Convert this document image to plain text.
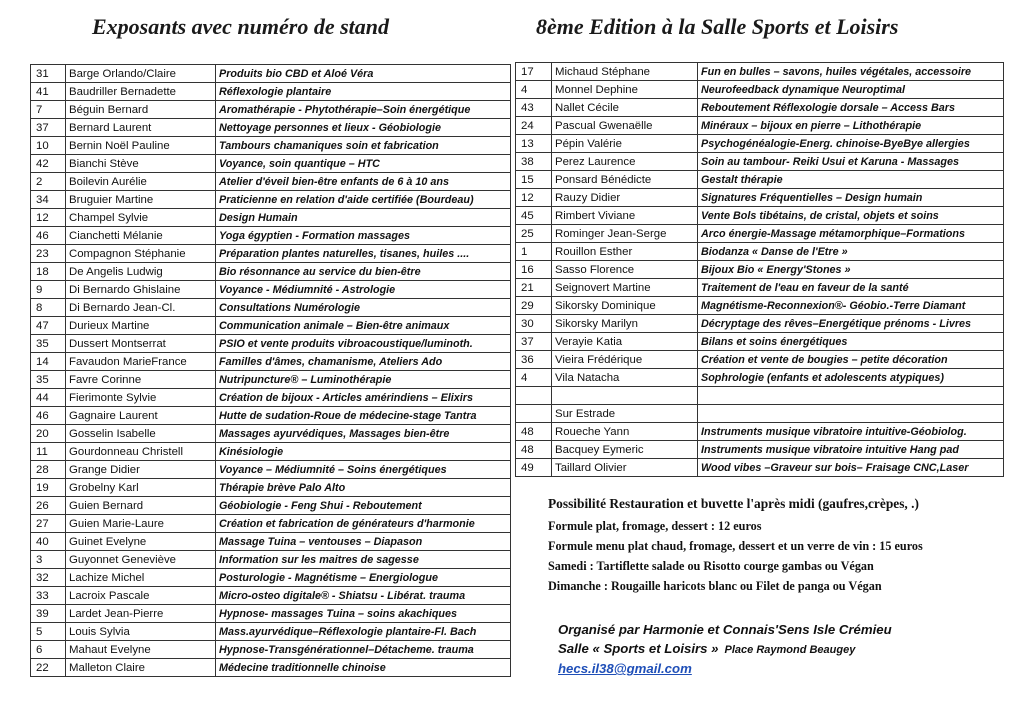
Exposants avec numéro de stand	8ème Edition à la Salle Sports et Loisirs
31	Barge Orlando/Claire	Produits bio CBD et Aloé Véra
41	Baudriller Bernadette	Réflexologie plantaire
7	Béguin Bernard	Aromathérapie - Phytothérapie–Soin énergétique
37	Bernard Laurent	Nettoyage personnes et lieux - Géobiologie
10	Bernin Noël Pauline	Tambours chamaniques soin et fabrication
42	Bianchi Stève	Voyance, soin quantique – HTC
2	Boilevin Aurélie	Atelier d'éveil bien-être enfants de 6 à 10 ans
34	Bruguier Martine	Praticienne en relation d'aide certifiée (Bourdeau)
12	Champel Sylvie	Design Humain
46	Cianchetti Mélanie	Yoga égyptien - Formation massages
23	Compagnon Stéphanie	Préparation plantes naturelles, tisanes, huiles ....
18	De Angelis Ludwig	Bio résonnance au service du bien-être
9	Di Bernardo Ghislaine	Voyance - Médiumnité - Astrologie
8	Di Bernardo Jean-Cl.	Consultations Numérologie
47	Durieux Martine	Communication animale – Bien-être animaux
35	Dussert Montserrat	PSIO et vente produits vibroacoustique/luminoth.
14	Favaudon MarieFrance	Familles d'âmes, chamanisme, Ateliers Ado
35	Favre Corinne	Nutripuncture® – Luminothérapie
44	Fierimonte Sylvie	Création de bijoux - Articles amérindiens – Elixirs
46	Gagnaire Laurent	Hutte de sudation-Roue de médecine-stage Tantra
20	Gosselin Isabelle	Massages ayurvédiques, Massages bien-être
11	Gourdonneau Christell	Kinésiologie
28	Grange Didier	Voyance – Médiumnité – Soins énergétiques
19	Grobelny Karl	Thérapie brève Palo Alto
26	Guien Bernard	Géobiologie - Feng Shui - Reboutement
27	Guien Marie-Laure	Création et fabrication de générateurs d'harmonie
40	Guinet Evelyne	Massage Tuina – ventouses – Diapason
3	Guyonnet Geneviève	Information sur les maitres de sagesse
32	Lachize Michel	Posturologie - Magnétisme – Energiologue
33	Lacroix Pascale	Micro-osteo digitale® - Shiatsu - Libérat. trauma
39	Lardet Jean-Pierre	Hypnose- massages Tuina – soins akachiques
5	Louis Sylvia	Mass.ayurvédique–Réflexologie plantaire-Fl. Bach
6	Mahaut Evelyne	Hypnose-Transgénérationnel–Détacheme. trauma
22	Malleton Claire	Médecine traditionnelle chinoise
17	Michaud Stéphane	Fun en bulles – savons, huiles végétales, accessoire
4	Monnel Dephine	Neurofeedback dynamique Neuroptimal
43	Nallet Cécile	Reboutement Réflexologie dorsale – Access Bars
24	Pascual Gwenaëlle	Minéraux – bijoux en pierre – Lithothérapie
13	Pépin Valérie	Psychogénéalogie-Energ. chinoise-ByeBye allergies
38	Perez Laurence	Soin au tambour- Reiki Usui et Karuna - Massages
15	Ponsard Bénédicte	Gestalt thérapie
12	Rauzy Didier	Signatures Fréquentielles – Design humain
45	Rimbert Viviane	Vente Bols tibétains, de cristal, objets et soins
25	Rominger Jean-Serge	Arco énergie-Massage métamorphique–Formations
1	Rouillon Esther	Biodanza « Danse de l'Etre »
16	Sasso Florence	Bijoux Bio « Energy'Stones »
21	Seignovert Martine	Traitement de l'eau en faveur de la santé
29	Sikorsky Dominique	Magnétisme-Reconnexion®- Géobio.-Terre Diamant
30	Sikorsky Marilyn	Décryptage des rêves–Energétique prénoms - Livres
37	Verayie Katia	Bilans et soins énergétiques
36	Vieira Frédérique	Création et vente de bougies – petite décoration
4	Vila Natacha	Sophrologie (enfants et adolescents atypiques)

	Sur Estrade	
48	Roueche Yann	Instruments musique vibratoire intuitive-Géobiolog.
48	Bacquey Eymeric	Instruments musique vibratoire intuitive Hang pad
49	Taillard Olivier	Wood vibes –Graveur sur bois– Fraisage CNC,Laser
Possibilité Restauration et buvette l'après midi (gaufres,crèpes, .)
Formule plat, fromage, dessert : 12 euros
Formule menu plat chaud, fromage, dessert et un verre de vin : 15 euros
Samedi : Tartiflette salade ou Risotto courge gambas ou Végan
Dimanche : Rougaille haricots blanc ou Filet de panga ou Végan
Organisé par Harmonie et Connais'Sens Isle Crémieu
Salle « Sports et Loisirs » Place Raymond Beaugey
hecs.il38@gmail.com
